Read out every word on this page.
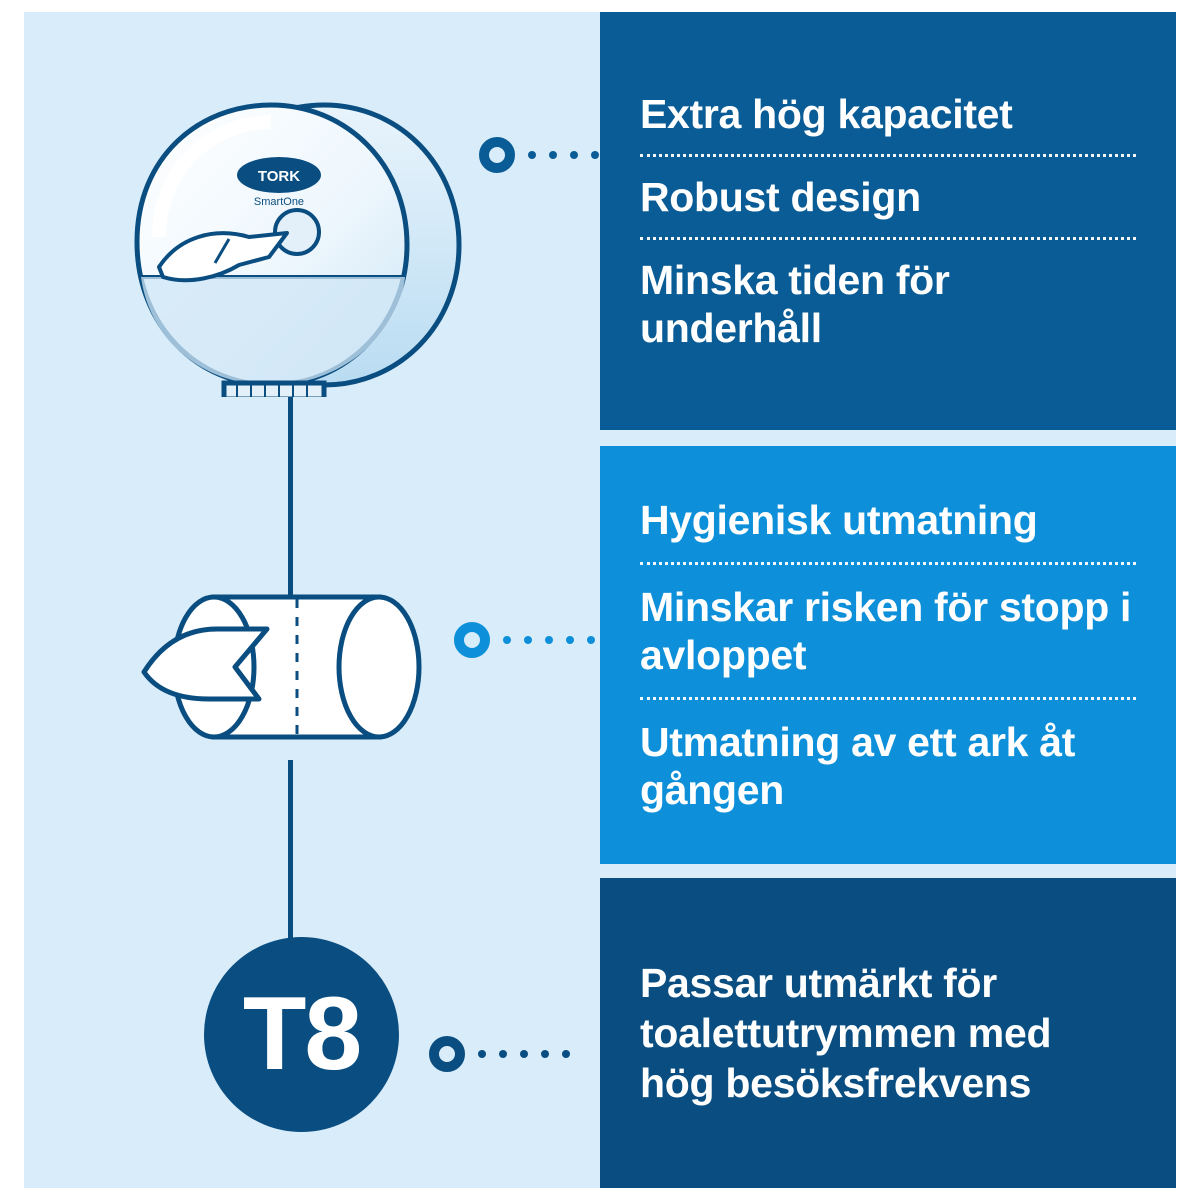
TORK
SmartOne
T8
Extra hög kapacitet
Robust design
Minska tiden för underhåll
Hygienisk utmatning
Minskar risken för stopp i avloppet
Utmatning av ett ark åt gången
Passar utmärkt för toalettutrymmen med hög besöksfrekvens
